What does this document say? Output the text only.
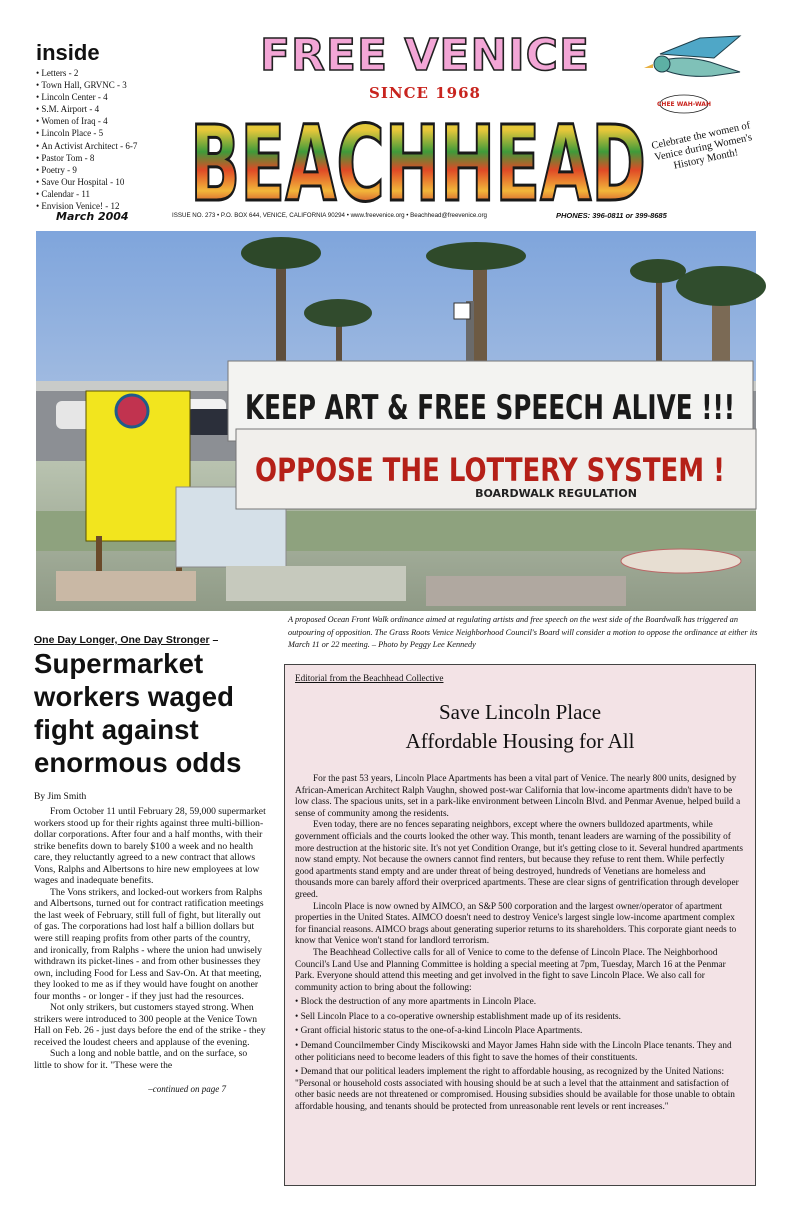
inside
• Letters - 2
• Town Hall, GRVNC - 3
• Lincoln Center - 4
• S.M. Airport - 4
• Women of Iraq - 4
• Lincoln Place - 5
• An Activist Architect - 6-7
• Pastor Tom - 8
• Poetry - 9
• Save Our Hospital - 10
• Calendar - 11
• Envision Venice! - 12
FREE VENICE
SINCE 1968
BEACHHEAD CHEE WAH-WAH
Celebrate the women of Venice during Women's History Month!
March 2004	ISSUE NO. 273 • P.O. BOX 644, VENICE, CALIFORNIA 90294 • www.freevenice.org • Beachhead@freevenice.org	PHONES: 396-0811 or 399-8685
KEEP ART & FREE SPEECH ALIVE !!!
OPPOSE THE LOTTERY SYSTEM !
BOARDWALK REGULATION
A proposed Ocean Front Walk ordinance aimed at regulating artists and free speech on the west side of the Boardwalk has triggered an outpouring of opposition. The Grass Roots Venice Neighborhood Council's Board will consider a motion to oppose the ordinance at either its March 11 or 22 meeting. – Photo by Peggy Lee Kennedy
One Day Longer, One Day Stronger –
Supermarket workers waged fight against enormous odds
By Jim Smith

From October 11 until February 28, 59,000 supermarket workers stood up for their rights against three multi-billion-dollar corporations. After four and a half months, with their strike benefits down to barely $100 a week and no health care, they reluctantly agreed to a new contract that allows Vons, Ralphs and Albertsons to hire new employees at low wages and inadequate benefits.

The Vons strikers, and locked-out workers from Ralphs and Albertsons, turned out for contract ratification meetings the last week of February, still full of fight, but literally out of gas. The corporations had lost half a billion dollars but were still reaping profits from other parts of the country, and ironically, from Ralphs - where the union had unwisely withdrawn its picket-lines - and from other businesses they own, including Food for Less and Sav-On. At that meeting, they looked to me as if they would have fought on another four months - or longer - if they just had the resources.

Not only strikers, but customers stayed strong. When strikers were introduced to 300 people at the Venice Town Hall on Feb. 26 - just days before the end of the strike - they received the loudest cheers and applause of the evening.

Such a long and noble battle, and on the surface, so little to show for it. "These were the

–continued on page 7
Editorial from the Beachhead Collective
Save Lincoln Place
Affordable Housing for All

For the past 53 years, Lincoln Place Apartments has been a vital part of Venice. The nearly 800 units, designed by African-American Architect Ralph Vaughn, showed post-war California that low-income apartments didn't have to be low class. The spacious units, set in a park-like environment between Lincoln Blvd. and Penmar Avenue, helped build a sense of community among the residents.

Even today, there are no fences separating neighbors, except where the owners bulldozed apartments, while government officials and the courts looked the other way. This month, tenant leaders are warning of the possibility of more destruction at the historic site. It's not yet Condition Orange, but it's getting close to it. Several hundred apartments now stand empty. Not because the owners cannot find renters, but because they refuse to rent them. While perfectly good apartments stand empty and are under threat of being destroyed, hundreds of Venetians are homeless and thousands more can barely afford their overpriced apartments. These are clear signs of gentrification through developer greed.

Lincoln Place is now owned by AIMCO, an S&P 500 corporation and the largest owner/operator of apartment properties in the United States. AIMCO doesn't need to destroy Venice's largest single low-income apartment complex for financial reasons. AIMCO brags about generating superior returns to its shareholders. This corporate giant needs to know that Venice won't stand for landlord terrorism.

The Beachhead Collective calls for all of Venice to come to the defense of Lincoln Place. The Neighborhood Council's Land Use and Planning Committee is holding a special meeting at 7pm, Tuesday, March 16 at the Penmar Park. Everyone should attend this meeting and get involved in the fight to save Lincoln Place. We also call for community action to bring about the following:

• Block the destruction of any more apartments in Lincoln Place.
• Sell Lincoln Place to a co-operative ownership establishment made up of its residents.
• Grant official historic status to the one-of-a-kind Lincoln Place Apartments.
• Demand Councilmember Cindy Miscikowski and Mayor James Hahn side with the Lincoln Place tenants. They and other politicians need to become leaders of this fight to save the homes of their constituents.
• Demand that our political leaders implement the right to affordable housing, as recognized by the United Nations: "Personal or household costs associated with housing should be at such a level that the attainment and satisfaction of other basic needs are not threatened or compromised. Housing subsidies should be available for those unable to obtain affordable housing, and tenants should be protected from unreasonable rent levels or rent increases."
